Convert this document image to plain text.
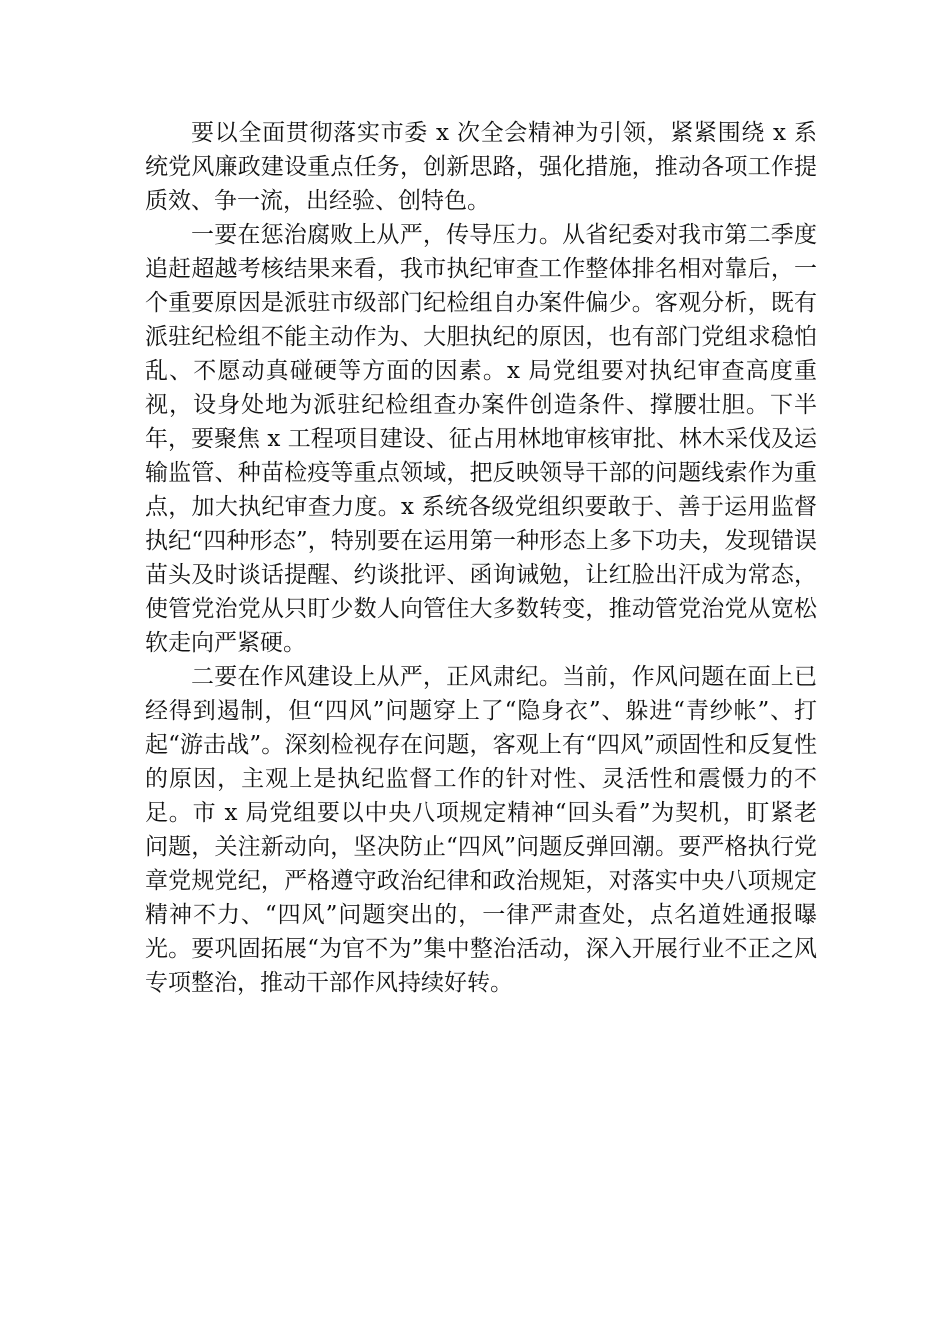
要以全面贯彻落实市委 x 次全会精神为引领，紧紧围绕 x 系统党风廉政建设重点任务，创新思路，强化措施，推动各项工作提质效、争一流，出经验、创特色。

一要在惩治腐败上从严，传导压力。从省纪委对我市第二季度追赶超越考核结果来看，我市执纪审查工作整体排名相对靠后，一个重要原因是派驻市级部门纪检组自办案件偏少。客观分析，既有派驻纪检组不能主动作为、大胆执纪的原因，也有部门党组求稳怕乱、不愿动真碰硬等方面的因素。x 局党组要对执纪审查高度重视，设身处地为派驻纪检组查办案件创造条件、撑腰壮胆。下半年，要聚焦 x 工程项目建设、征占用林地审核审批、林木采伐及运输监管、种苗检疫等重点领域，把反映领导干部的问题线索作为重点，加大执纪审查力度。x 系统各级党组织要敢于、善于运用监督执纪“四种形态”，特别要在运用第一种形态上多下功夫，发现错误苗头及时谈话提醒、约谈批评、函询诫勉，让红脸出汗成为常态，使管党治党从只盯少数人向管住大多数转变，推动管党治党从宽松软走向严紧硬。

二要在作风建设上从严，正风肃纪。当前，作风问题在面上已经得到遏制，但“四风”问题穿上了“隐身衣”、躲进“青纱帐”、打起“游击战”。深刻检视存在问题，客观上有“四风”顽固性和反复性的原因，主观上是执纪监督工作的针对性、灵活性和震慑力的不足。市 x 局党组要以中央八项规定精神“回头看”为契机，盯紧老问题，关注新动向，坚决防止“四风”问题反弹回潮。要严格执行党章党规党纪，严格遵守政治纪律和政治规矩，对落实中央八项规定精神不力、“四风”问题突出的，一律严肃查处，点名道姓通报曝光。要巩固拓展“为官不为”集中整治活动，深入开展行业不正之风专项整治，推动干部作风持续好转。
